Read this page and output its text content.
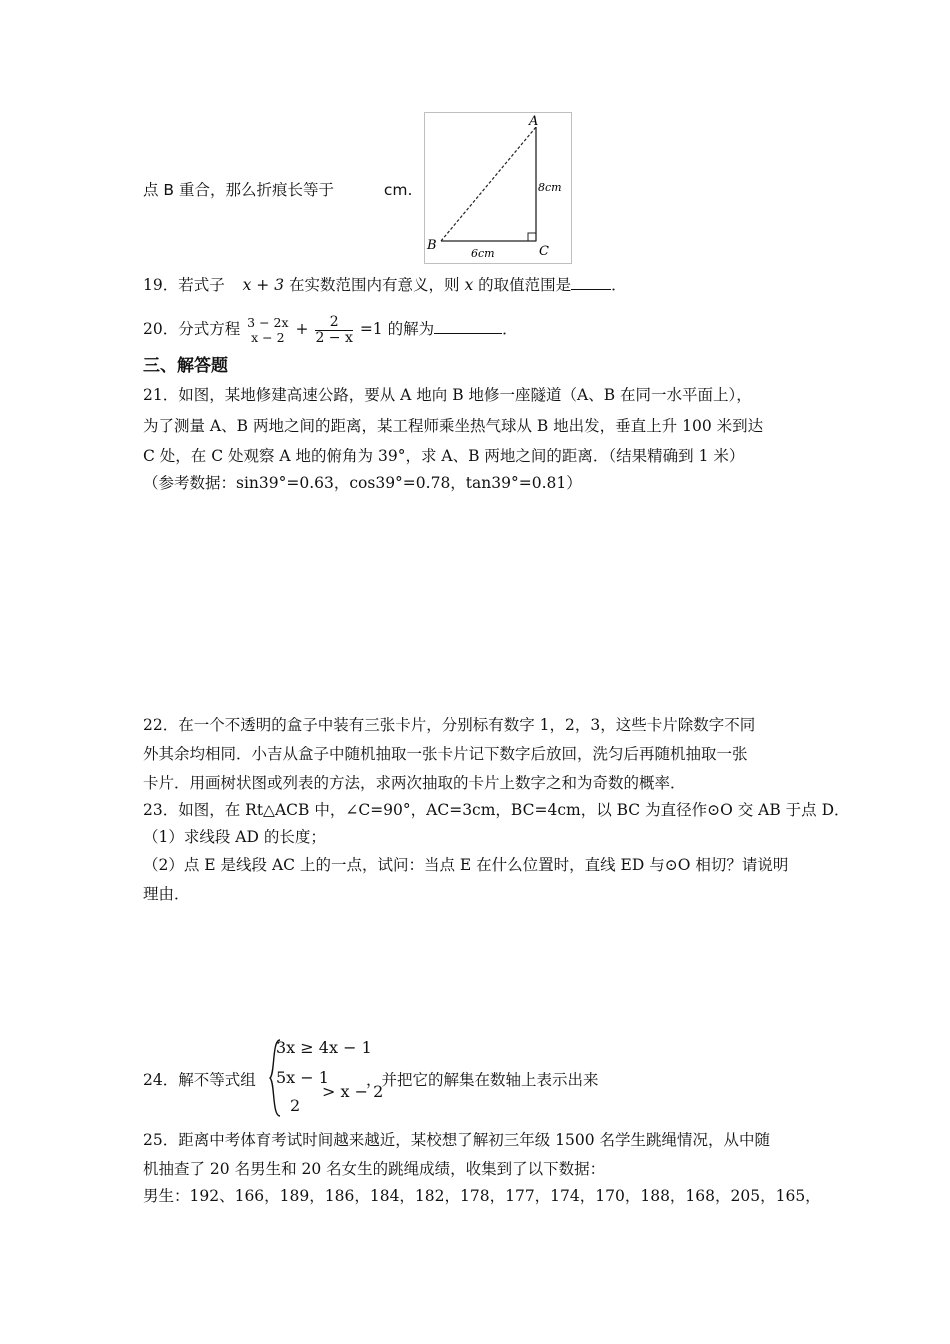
点 B 重合，那么折痕长等于	cm.
A
B	C
8cm
6cm
19．若式子 x + 3 在实数范围内有意义，则 x 的取值范围是	．
20．分式方程 3 − 2x
$x - 2 + \frac{2}{2 - x} =1$ 的解为	．
三、解答题
21．如图，某地修建高速公路，要从 A 地向 B 地修一座隧道（A、B 在同一水平面上），
为了测量 A、B 两地之间的距离，某工程师乘坐热气球从 B 地出发，垂直上升 100 米到达
C 处，在 C 处观察 A 地的俯角为 39°，求 A、B 两地之间的距离．（结果精确到 1 米）
（参考数据：sin39°=0.63，cos39°=0.78，tan39°=0.81）
22．在一个不透明的盒子中装有三张卡片，分别标有数字 1，2，3，这些卡片除数字不同
外其余均相同．小吉从盒子中随机抽取一张卡片记下数字后放回，洗匀后再随机抽取一张
卡片．用画树状图或列表的方法，求两次抽取的卡片上数字之和为奇数的概率．
23．如图，在 Rt△ACB 中，∠C=90°，AC=3cm，BC=4cm，以 BC 为直径作⊙O 交 AB 于点 D．
（1）求线段 AD 的长度；
（2）点 E 是线段 AC 上的一点，试问：当点 E 在什么位置时，直线 ED 与⊙O 相切？请说明
理由．
24．解不等式组
3x ≥ 4x − 1
5x − 1
2
> x − 2
，并把它的解集在数轴上表示出来
25．距离中考体育考试时间越来越近，某校想了解初三年级 1500 名学生跳绳情况，从中随
机抽查了 20 名男生和 20 名女生的跳绳成绩，收集到了以下数据：
男生：192、166，189，186，184，182，178，177，174，170，188，168，205，165，
